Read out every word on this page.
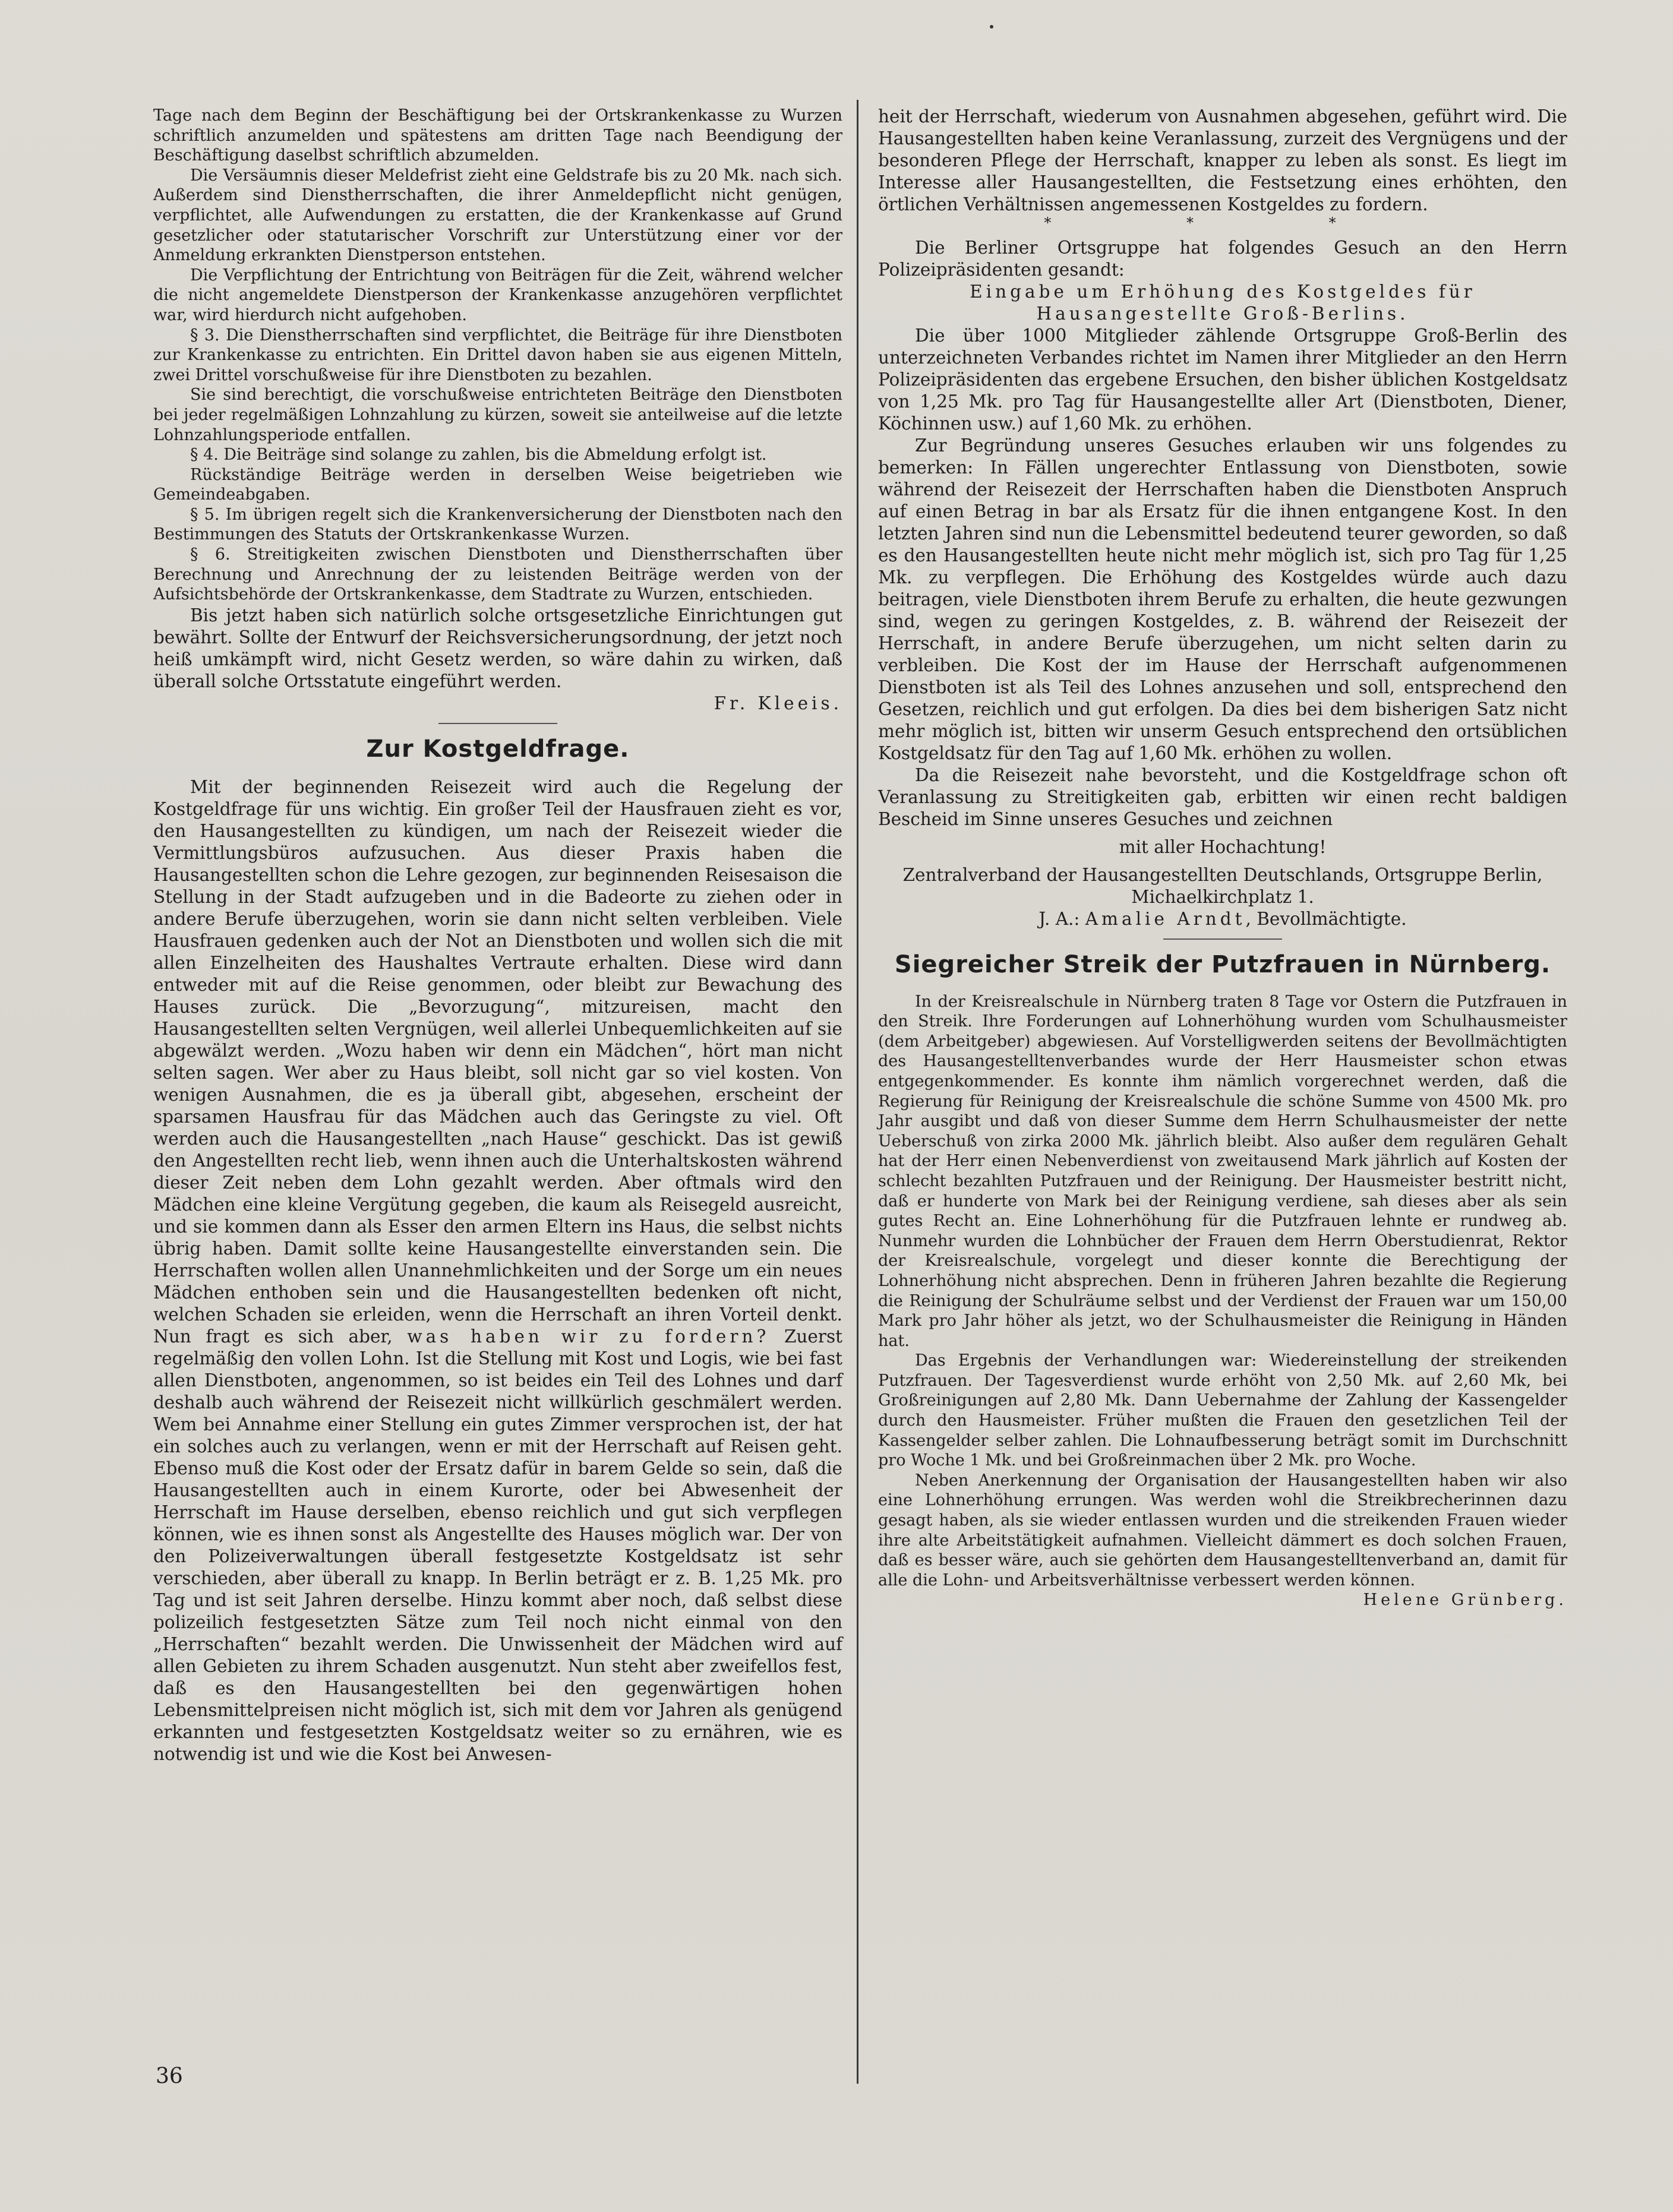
Tage nach dem Beginn der Beschäftigung bei der Ortskrankenkasse zu Wurzen schriftlich anzumelden und spätestens am dritten Tage nach Beendigung der Beschäftigung daselbst schriftlich abzumelden.

Die Versäumnis dieser Meldefrist zieht eine Geldstrafe bis zu 20 Mk. nach sich. Außerdem sind Dienstherrschaften, die ihrer Anmeldepflicht nicht genügen, verpflichtet, alle Aufwendungen zu erstatten, die der Krankenkasse auf Grund gesetzlicher oder statutarischer Vorschrift zur Unterstützung einer vor der Anmeldung erkrankten Dienstperson entstehen.

Die Verpflichtung der Entrichtung von Beiträgen für die Zeit, während welcher die nicht angemeldete Dienstperson der Krankenkasse anzugehören verpflichtet war, wird hierdurch nicht aufgehoben.

§ 3. Die Dienstherrschaften sind verpflichtet, die Beiträge für ihre Dienstboten zur Krankenkasse zu entrichten. Ein Drittel davon haben sie aus eigenen Mitteln, zwei Drittel vorschußweise für ihre Dienstboten zu bezahlen.

Sie sind berechtigt, die vorschußweise entrichteten Beiträge den Dienstboten bei jeder regelmäßigen Lohnzahlung zu kürzen, soweit sie anteilweise auf die letzte Lohnzahlungsperiode entfallen.

§ 4. Die Beiträge sind solange zu zahlen, bis die Abmeldung erfolgt ist.

Rückständige Beiträge werden in derselben Weise beigetrieben wie Gemeindeabgaben.

§ 5. Im übrigen regelt sich die Krankenversicherung der Dienstboten nach den Bestimmungen des Statuts der Ortskrankenkasse Wurzen.

§ 6. Streitigkeiten zwischen Dienstboten und Dienstherrschaften über Berechnung und Anrechnung der zu leistenden Beiträge werden von der Aufsichtsbehörde der Ortskrankenkasse, dem Stadtrate zu Wurzen, entschieden.

Bis jetzt haben sich natürlich solche ortsgesetzliche Einrichtungen gut bewährt. Sollte der Entwurf der Reichsversicherungsordnung, der jetzt noch heiß umkämpft wird, nicht Gesetz werden, so wäre dahin zu wirken, daß überall solche Ortsstatute eingeführt werden.

Fr. Kleeis.

Zur Kostgeldfrage.

Mit der beginnenden Reisezeit wird auch die Regelung der Kostgeldfrage für uns wichtig. Ein großer Teil der Hausfrauen zieht es vor, den Hausangestellten zu kündigen, um nach der Reisezeit wieder die Vermittlungsbüros aufzusuchen. Aus dieser Praxis haben die Hausangestellten schon die Lehre gezogen, zur beginnenden Reisesaison die Stellung in der Stadt aufzugeben und in die Badeorte zu ziehen oder in andere Berufe überzugehen, worin sie dann nicht selten verbleiben. Viele Hausfrauen gedenken auch der Not an Dienstboten und wollen sich die mit allen Einzelheiten des Haushaltes Vertraute erhalten. Diese wird dann entweder mit auf die Reise genommen, oder bleibt zur Bewachung des Hauses zurück. Die „Bevorzugung“, mitzureisen, macht den Hausangestellten selten Vergnügen, weil allerlei Unbequemlichkeiten auf sie abgewälzt werden. „Wozu haben wir denn ein Mädchen“, hört man nicht selten sagen. Wer aber zu Haus bleibt, soll nicht gar so viel kosten. Von wenigen Ausnahmen, die es ja überall gibt, abgesehen, erscheint der sparsamen Hausfrau für das Mädchen auch das Geringste zu viel. Oft werden auch die Hausangestellten „nach Hause“ geschickt. Das ist gewiß den Angestellten recht lieb, wenn ihnen auch die Unterhaltskosten während dieser Zeit neben dem Lohn gezahlt werden. Aber oftmals wird den Mädchen eine kleine Vergütung gegeben, die kaum als Reisegeld ausreicht, und sie kommen dann als Esser den armen Eltern ins Haus, die selbst nichts übrig haben. Damit sollte keine Hausangestellte einverstanden sein. Die Herrschaften wollen allen Unannehmlichkeiten und der Sorge um ein neues Mädchen enthoben sein und die Hausangestellten bedenken oft nicht, welchen Schaden sie erleiden, wenn die Herrschaft an ihren Vorteil denkt. Nun fragt es sich aber, was haben wir zu fordern? Zuerst regelmäßig den vollen Lohn. Ist die Stellung mit Kost und Logis, wie bei fast allen Dienstboten, angenommen, so ist beides ein Teil des Lohnes und darf deshalb auch während der Reisezeit nicht willkürlich geschmälert werden. Wem bei Annahme einer Stellung ein gutes Zimmer versprochen ist, der hat ein solches auch zu verlangen, wenn er mit der Herrschaft auf Reisen geht. Ebenso muß die Kost oder der Ersatz dafür in barem Gelde so sein, daß die Hausangestellten auch in einem Kurorte, oder bei Abwesenheit der Herrschaft im Hause derselben, ebenso reichlich und gut sich verpflegen können, wie es ihnen sonst als Angestellte des Hauses möglich war. Der von den Polizeiverwaltungen überall festgesetzte Kostgeldsatz ist sehr verschieden, aber überall zu knapp. In Berlin beträgt er z. B. 1,25 Mk. pro Tag und ist seit Jahren derselbe. Hinzu kommt aber noch, daß selbst diese polizeilich festgesetzten Sätze zum Teil noch nicht einmal von den „Herrschaften“ bezahlt werden. Die Unwissenheit der Mädchen wird auf allen Gebieten zu ihrem Schaden ausgenutzt. Nun steht aber zweifellos fest, daß es den Hausangestellten bei den gegenwärtigen hohen Lebensmittelpreisen nicht möglich ist, sich mit dem vor Jahren als genügend erkannten und festgesetzten Kostgeldsatz weiter so zu ernähren, wie es notwendig ist und wie die Kost bei Anwesen-

heit der Herrschaft, wiederum von Ausnahmen abgesehen, geführt wird. Die Hausangestellten haben keine Veranlassung, zurzeit des Vergnügens und der besonderen Pflege der Herrschaft, knapper zu leben als sonst. Es liegt im Interesse aller Hausangestellten, die Festsetzung eines erhöhten, den örtlichen Verhältnissen angemessenen Kostgeldes zu fordern.

* * *

Die Berliner Ortsgruppe hat folgendes Gesuch an den Herrn Polizeipräsidenten gesandt:

Eingabe um Erhöhung des Kostgeldes für Hausangestellte Groß-Berlins.

Die über 1000 Mitglieder zählende Ortsgruppe Groß-Berlin des unterzeichneten Verbandes richtet im Namen ihrer Mitglieder an den Herrn Polizeipräsidenten das ergebene Ersuchen, den bisher üblichen Kostgeldsatz von 1,25 Mk. pro Tag für Hausangestellte aller Art (Dienstboten, Diener, Köchinnen usw.) auf 1,60 Mk. zu erhöhen.

Zur Begründung unseres Gesuches erlauben wir uns folgendes zu bemerken: In Fällen ungerechter Entlassung von Dienstboten, sowie während der Reisezeit der Herrschaften haben die Dienstboten Anspruch auf einen Betrag in bar als Ersatz für die ihnen entgangene Kost. In den letzten Jahren sind nun die Lebensmittel bedeutend teurer geworden, so daß es den Hausangestellten heute nicht mehr möglich ist, sich pro Tag für 1,25 Mk. zu verpflegen. Die Erhöhung des Kostgeldes würde auch dazu beitragen, viele Dienstboten ihrem Berufe zu erhalten, die heute gezwungen sind, wegen zu geringen Kostgeldes, z. B. während der Reisezeit der Herrschaft, in andere Berufe überzugehen, um nicht selten darin zu verbleiben. Die Kost der im Hause der Herrschaft aufgenommenen Dienstboten ist als Teil des Lohnes anzusehen und soll, entsprechend den Gesetzen, reichlich und gut erfolgen. Da dies bei dem bisherigen Satz nicht mehr möglich ist, bitten wir unserm Gesuch entsprechend den ortsüblichen Kostgeldsatz für den Tag auf 1,60 Mk. erhöhen zu wollen.

Da die Reisezeit nahe bevorsteht, und die Kostgeldfrage schon oft Veranlassung zu Streitigkeiten gab, erbitten wir einen recht baldigen Bescheid im Sinne unseres Gesuches und zeichnen

mit aller Hochachtung!

Zentralverband der Hausangestellten Deutschlands, Ortsgruppe Berlin, Michaelkirchplatz 1.

J. A.: Amalie Arndt, Bevollmächtigte.

Siegreicher Streik der Putzfrauen in Nürnberg.

In der Kreisrealschule in Nürnberg traten 8 Tage vor Ostern die Putzfrauen in den Streik. Ihre Forderungen auf Lohnerhöhung wurden vom Schulhausmeister (dem Arbeitgeber) abgewiesen. Auf Vorstelligwerden seitens der Bevollmächtigten des Hausangestelltenverbandes wurde der Herr Hausmeister schon etwas entgegenkommender. Es konnte ihm nämlich vorgerechnet werden, daß die Regierung für Reinigung der Kreisrealschule die schöne Summe von 4500 Mk. pro Jahr ausgibt und daß von dieser Summe dem Herrn Schulhausmeister der nette Ueberschuß von zirka 2000 Mk. jährlich bleibt. Also außer dem regulären Gehalt hat der Herr einen Nebenverdienst von zweitausend Mark jährlich auf Kosten der schlecht bezahlten Putzfrauen und der Reinigung. Der Hausmeister bestritt nicht, daß er hunderte von Mark bei der Reinigung verdiene, sah dieses aber als sein gutes Recht an. Eine Lohnerhöhung für die Putzfrauen lehnte er rundweg ab. Nunmehr wurden die Lohnbücher der Frauen dem Herrn Oberstudienrat, Rektor der Kreisrealschule, vorgelegt und dieser konnte die Berechtigung der Lohnerhöhung nicht absprechen. Denn in früheren Jahren bezahlte die Regierung die Reinigung der Schulräume selbst und der Verdienst der Frauen war um 150,00 Mark pro Jahr höher als jetzt, wo der Schulhausmeister die Reinigung in Händen hat.

Das Ergebnis der Verhandlungen war: Wiedereinstellung der streikenden Putzfrauen. Der Tagesverdienst wurde erhöht von 2,50 Mk. auf 2,60 Mk, bei Großreinigungen auf 2,80 Mk. Dann Uebernahme der Zahlung der Kassengelder durch den Hausmeister. Früher mußten die Frauen den gesetzlichen Teil der Kassengelder selber zahlen. Die Lohnaufbesserung beträgt somit im Durchschnitt pro Woche 1 Mk. und bei Großreinmachen über 2 Mk. pro Woche.

Neben Anerkennung der Organisation der Hausangestellten haben wir also eine Lohnerhöhung errungen. Was werden wohl die Streikbrecherinnen dazu gesagt haben, als sie wieder entlassen wurden und die streikenden Frauen wieder ihre alte Arbeitstätigkeit aufnahmen. Vielleicht dämmert es doch solchen Frauen, daß es besser wäre, auch sie gehörten dem Hausangestelltenverband an, damit für alle die Lohn- und Arbeitsverhältnisse verbessert werden können.

Helene Grünberg.

36
